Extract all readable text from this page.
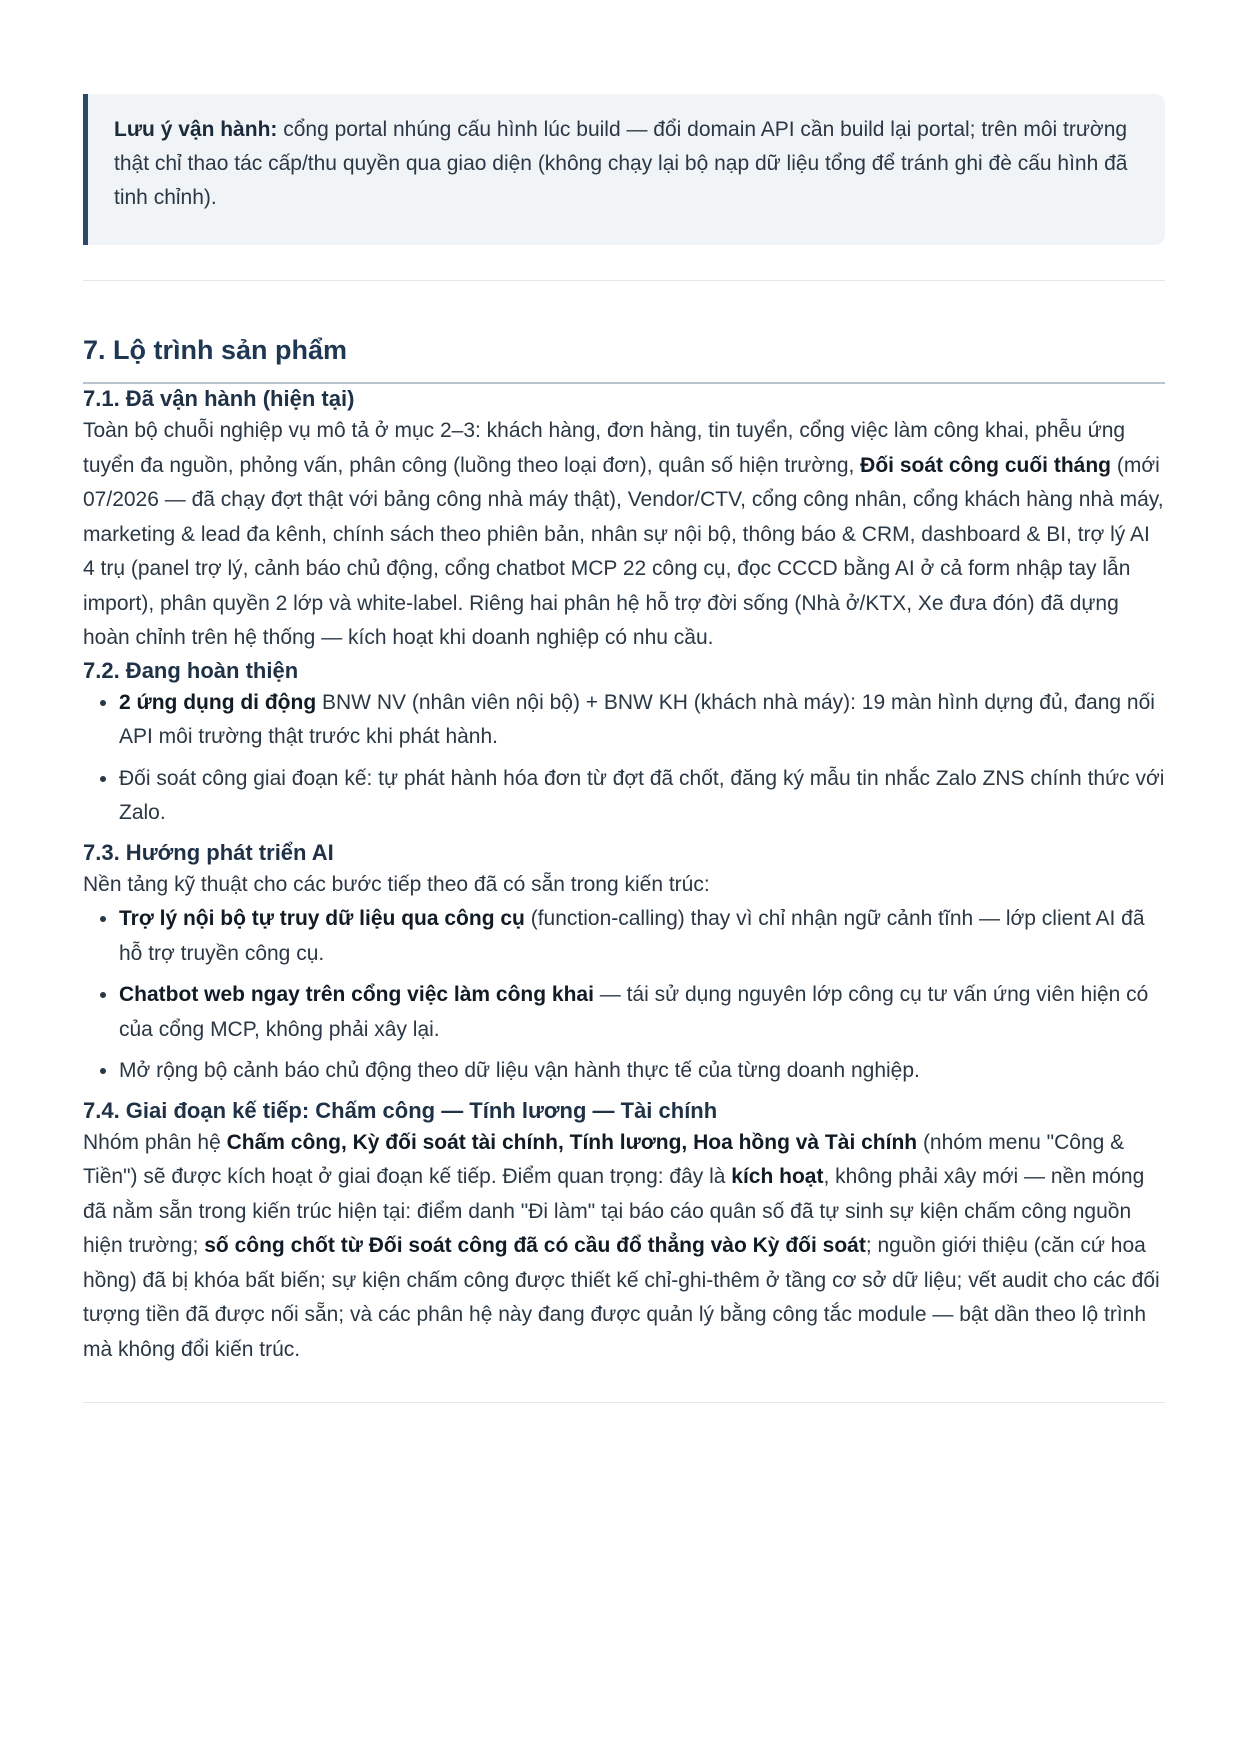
Lưu ý vận hành: cổng portal nhúng cấu hình lúc build — đổi domain API cần build lại portal; trên môi trường thật chỉ thao tác cấp/thu quyền qua giao diện (không chạy lại bộ nạp dữ liệu tổng để tránh ghi đè cấu hình đã tinh chỉnh).
7. Lộ trình sản phẩm
7.1. Đã vận hành (hiện tại)

Toàn bộ chuỗi nghiệp vụ mô tả ở mục 2–3: khách hàng, đơn hàng, tin tuyển, cổng việc làm công khai, phễu ứng tuyển đa nguồn, phỏng vấn, phân công (luồng theo loại đơn), quân số hiện trường, Đối soát công cuối tháng (mới 07/2026 — đã chạy đợt thật với bảng công nhà máy thật), Vendor/CTV, cổng công nhân, cổng khách hàng nhà máy, marketing & lead đa kênh, chính sách theo phiên bản, nhân sự nội bộ, thông báo & CRM, dashboard & BI, trợ lý AI 4 trụ (panel trợ lý, cảnh báo chủ động, cổng chatbot MCP 22 công cụ, đọc CCCD bằng AI ở cả form nhập tay lẫn import), phân quyền 2 lớp và white-label. Riêng hai phân hệ hỗ trợ đời sống (Nhà ở/KTX, Xe đưa đón) đã dựng hoàn chỉnh trên hệ thống — kích hoạt khi doanh nghiệp có nhu cầu.

7.2. Đang hoàn thiện
• 2 ứng dụng di động BNW NV (nhân viên nội bộ) + BNW KH (khách nhà máy): 19 màn hình dựng đủ, đang nối API môi trường thật trước khi phát hành.
• Đối soát công giai đoạn kế: tự phát hành hóa đơn từ đợt đã chốt, đăng ký mẫu tin nhắc Zalo ZNS chính thức với Zalo.
7.3. Hướng phát triển AI

Nền tảng kỹ thuật cho các bước tiếp theo đã có sẵn trong kiến trúc:

• Trợ lý nội bộ tự truy dữ liệu qua công cụ (function-calling) thay vì chỉ nhận ngữ cảnh tĩnh — lớp client AI đã hỗ trợ truyền công cụ.
• Chatbot web ngay trên cổng việc làm công khai — tái sử dụng nguyên lớp công cụ tư vấn ứng viên hiện có của cổng MCP, không phải xây lại.
• Mở rộng bộ cảnh báo chủ động theo dữ liệu vận hành thực tế của từng doanh nghiệp.
7.4. Giai đoạn kế tiếp: Chấm công — Tính lương — Tài chính

Nhóm phân hệ Chấm công, Kỳ đối soát tài chính, Tính lương, Hoa hồng và Tài chính (nhóm menu "Công & Tiền") sẽ được kích hoạt ở giai đoạn kế tiếp. Điểm quan trọng: đây là kích hoạt, không phải xây mới — nền móng đã nằm sẵn trong kiến trúc hiện tại: điểm danh "Đi làm" tại báo cáo quân số đã tự sinh sự kiện chấm công nguồn hiện trường; số công chốt từ Đối soát công đã có cầu đổ thẳng vào Kỳ đối soát; nguồn giới thiệu (căn cứ hoa hồng) đã bị khóa bất biến; sự kiện chấm công được thiết kế chỉ-ghi-thêm ở tầng cơ sở dữ liệu; vết audit cho các đối tượng tiền đã được nối sẵn; và các phân hệ này đang được quản lý bằng công tắc module — bật dần theo lộ trình mà không đổi kiến trúc.
